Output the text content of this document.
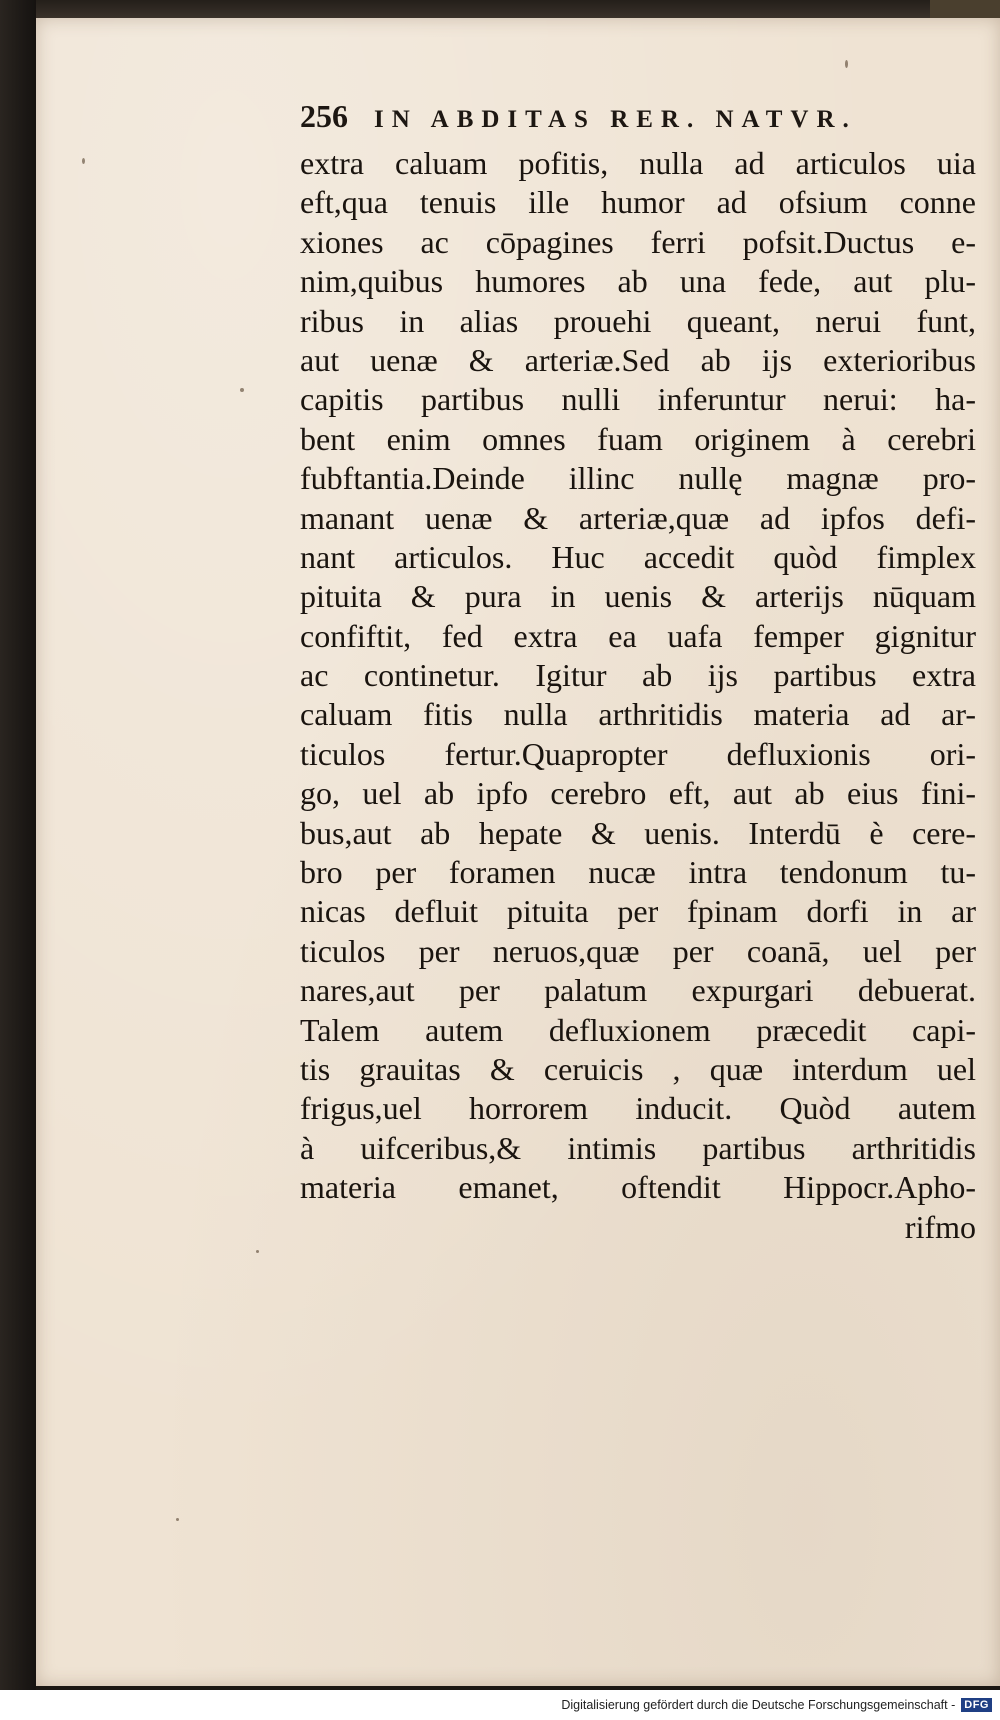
256 IN ABDITAS RER. NATVR.
extra caluam pofitis, nulla ad articulos uia
eft,qua tenuis ille humor ad ofsium conne
xiones ac cōpagines ferri pofsit.Ductus e-
nim,quibus humores ab una fede, aut plu-
ribus in alias prouehi queant, nerui funt,
aut uenæ & arteriæ.Sed ab ijs exterioribus
capitis partibus nulli inferuntur nerui: ha-
bent enim omnes fuam originem à cerebri
fubftantia.Deinde illinc nullę magnæ pro-
manant uenæ & arteriæ,quæ ad ipfos defi-
nant articulos. Huc accedit quòd fimplex
pituita & pura in uenis & arterijs nūquam
confiftit, fed extra ea uafa femper gignitur
ac continetur. Igitur ab ijs partibus extra
caluam fitis nulla arthritidis materia ad ar-
ticulos fertur.Quapropter defluxionis ori-
go, uel ab ipfo cerebro eft, aut ab eius fini-
bus,aut ab hepate & uenis. Interdū è cere-
bro per foramen nucæ intra tendonum tu-
nicas defluit pituita per fpinam dorfi in ar
ticulos per neruos,quæ per coanā, uel per
nares,aut per palatum expurgari debuerat.
Talem autem defluxionem præcedit capi-
tis grauitas & ceruicis , quæ interdum uel
frigus,uel horrorem inducit. Quòd autem
à uifceribus,& intimis partibus arthritidis
materia emanet, oftendit Hippocr.Apho-
rifmo
Digitalisierung gefördert durch die Deutsche Forschungsgemeinschaft - DFG
